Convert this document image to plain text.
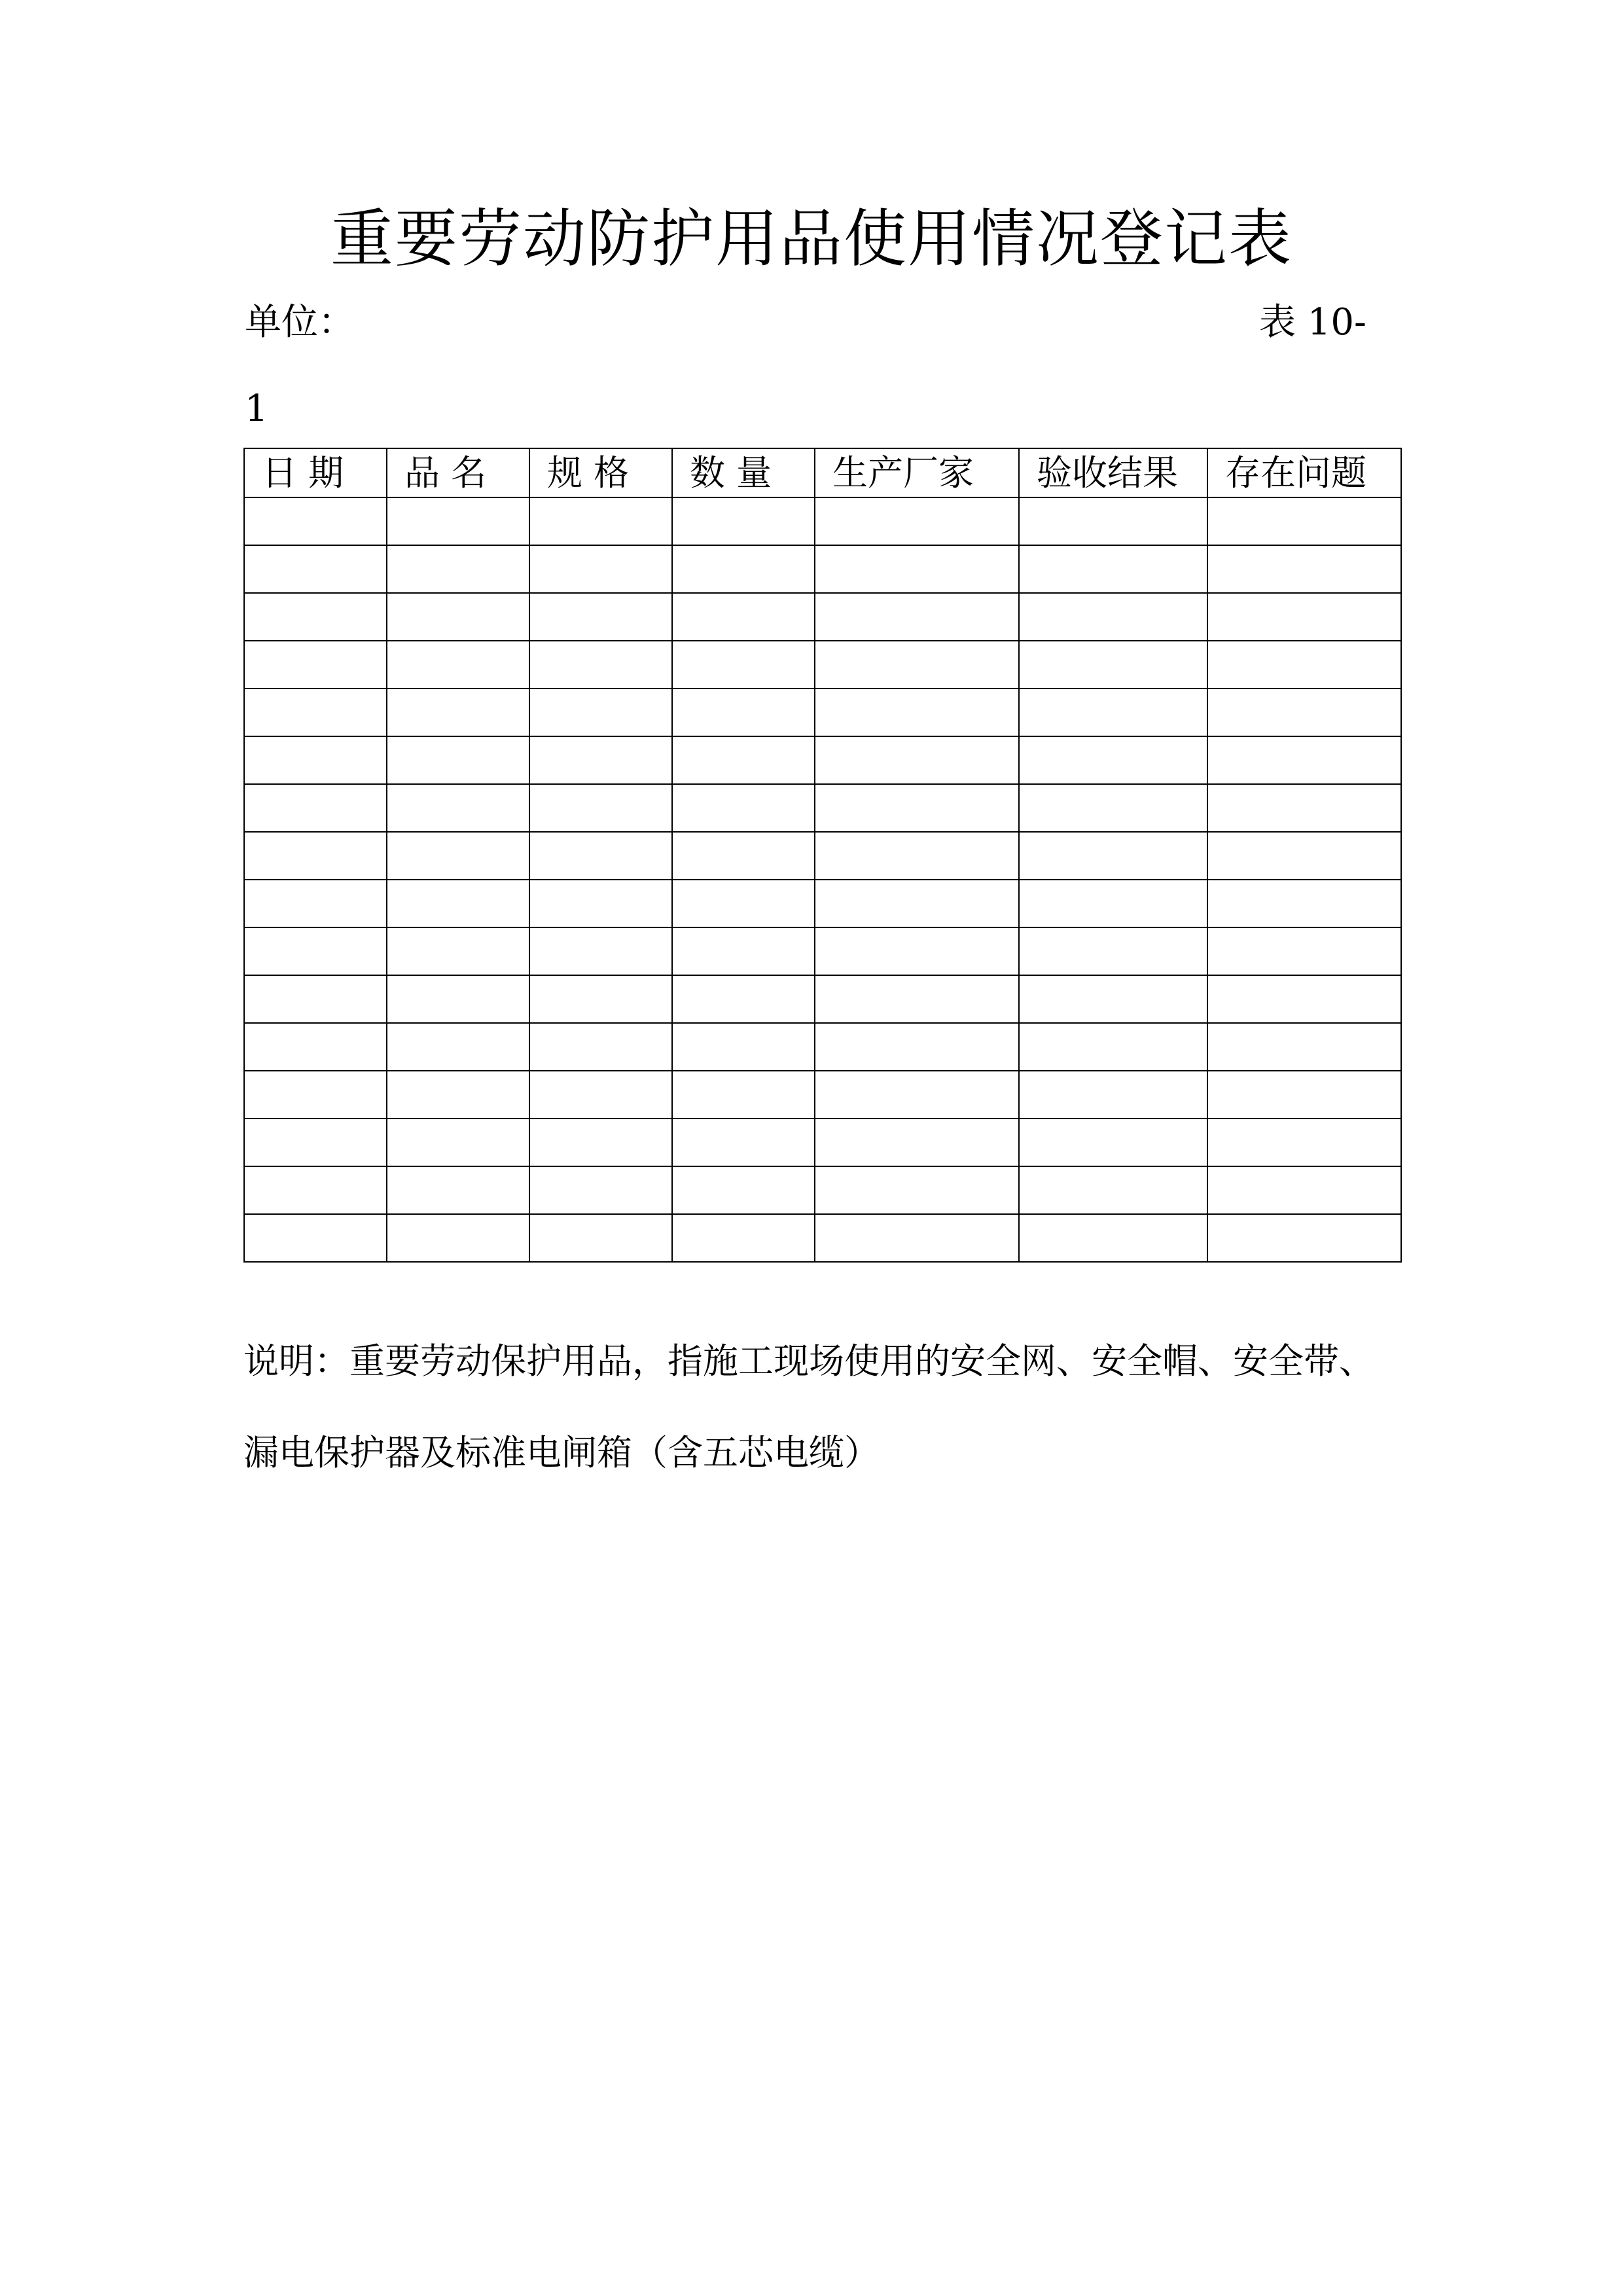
重要劳动防护用品使用情况登记表
单位：	表 10-
1
日 期	品 名	规 格	数 量	生产厂家	验收结果	存在问题

说明：重要劳动保护用品，指施工现场使用的安全网、安全帽、安全带、漏电保护器及标准电闸箱（含五芯电缆）
